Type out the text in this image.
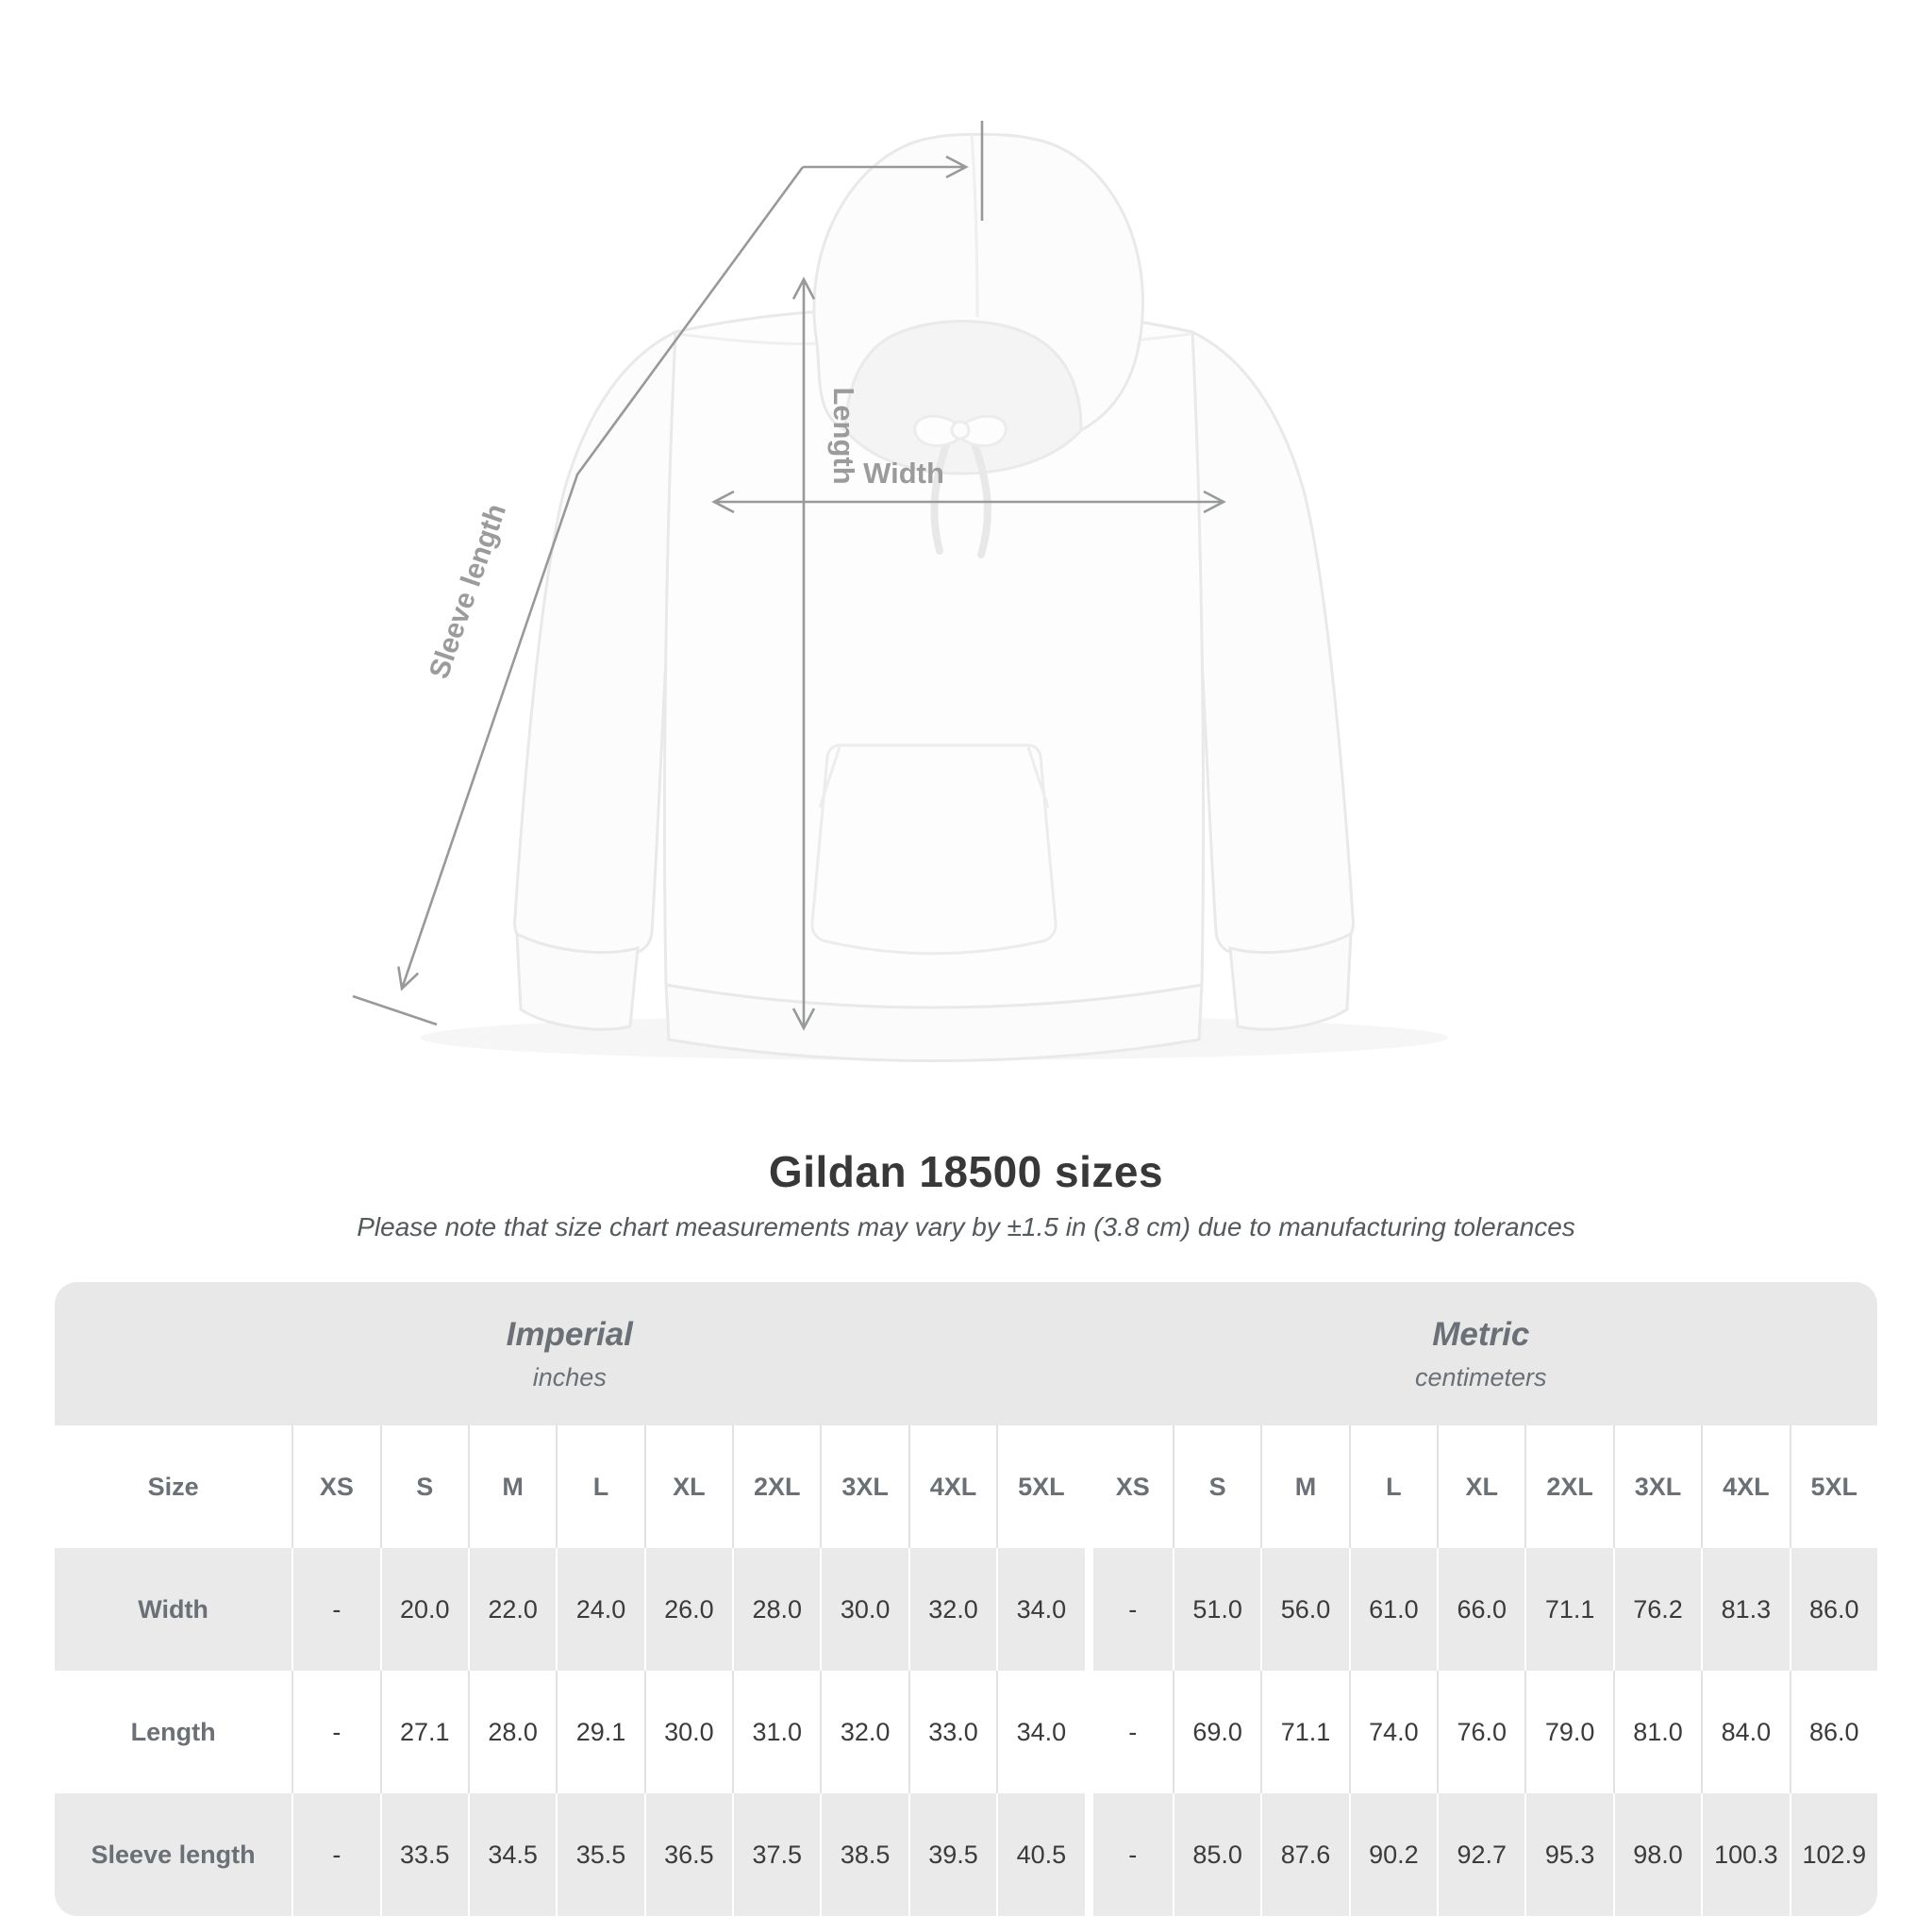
Length Width
Sleeve length
Gildan 18500 sizes

Please note that size chart measurements may vary by ±1.5 in (3.8 cm) due to manufacturing tolerances

Imperial
inches
Metric
centimeters
Size	XS	S	M	L	XL	2XL	3XL	4XL	5XL	XS	S	M	L	XL	2XL	3XL	4XL	5XL
Width	-	20.0	22.0	24.0	26.0	28.0	30.0	32.0	34.0	-	51.0	56.0	61.0	66.0	71.1	76.2	81.3	86.0
Length	-	27.1	28.0	29.1	30.0	31.0	32.0	33.0	34.0	-	69.0	71.1	74.0	76.0	79.0	81.0	84.0	86.0
Sleeve length	-	33.5	34.5	35.5	36.5	37.5	38.5	39.5	40.5	-	85.0	87.6	90.2	92.7	95.3	98.0	100.3 102.9
